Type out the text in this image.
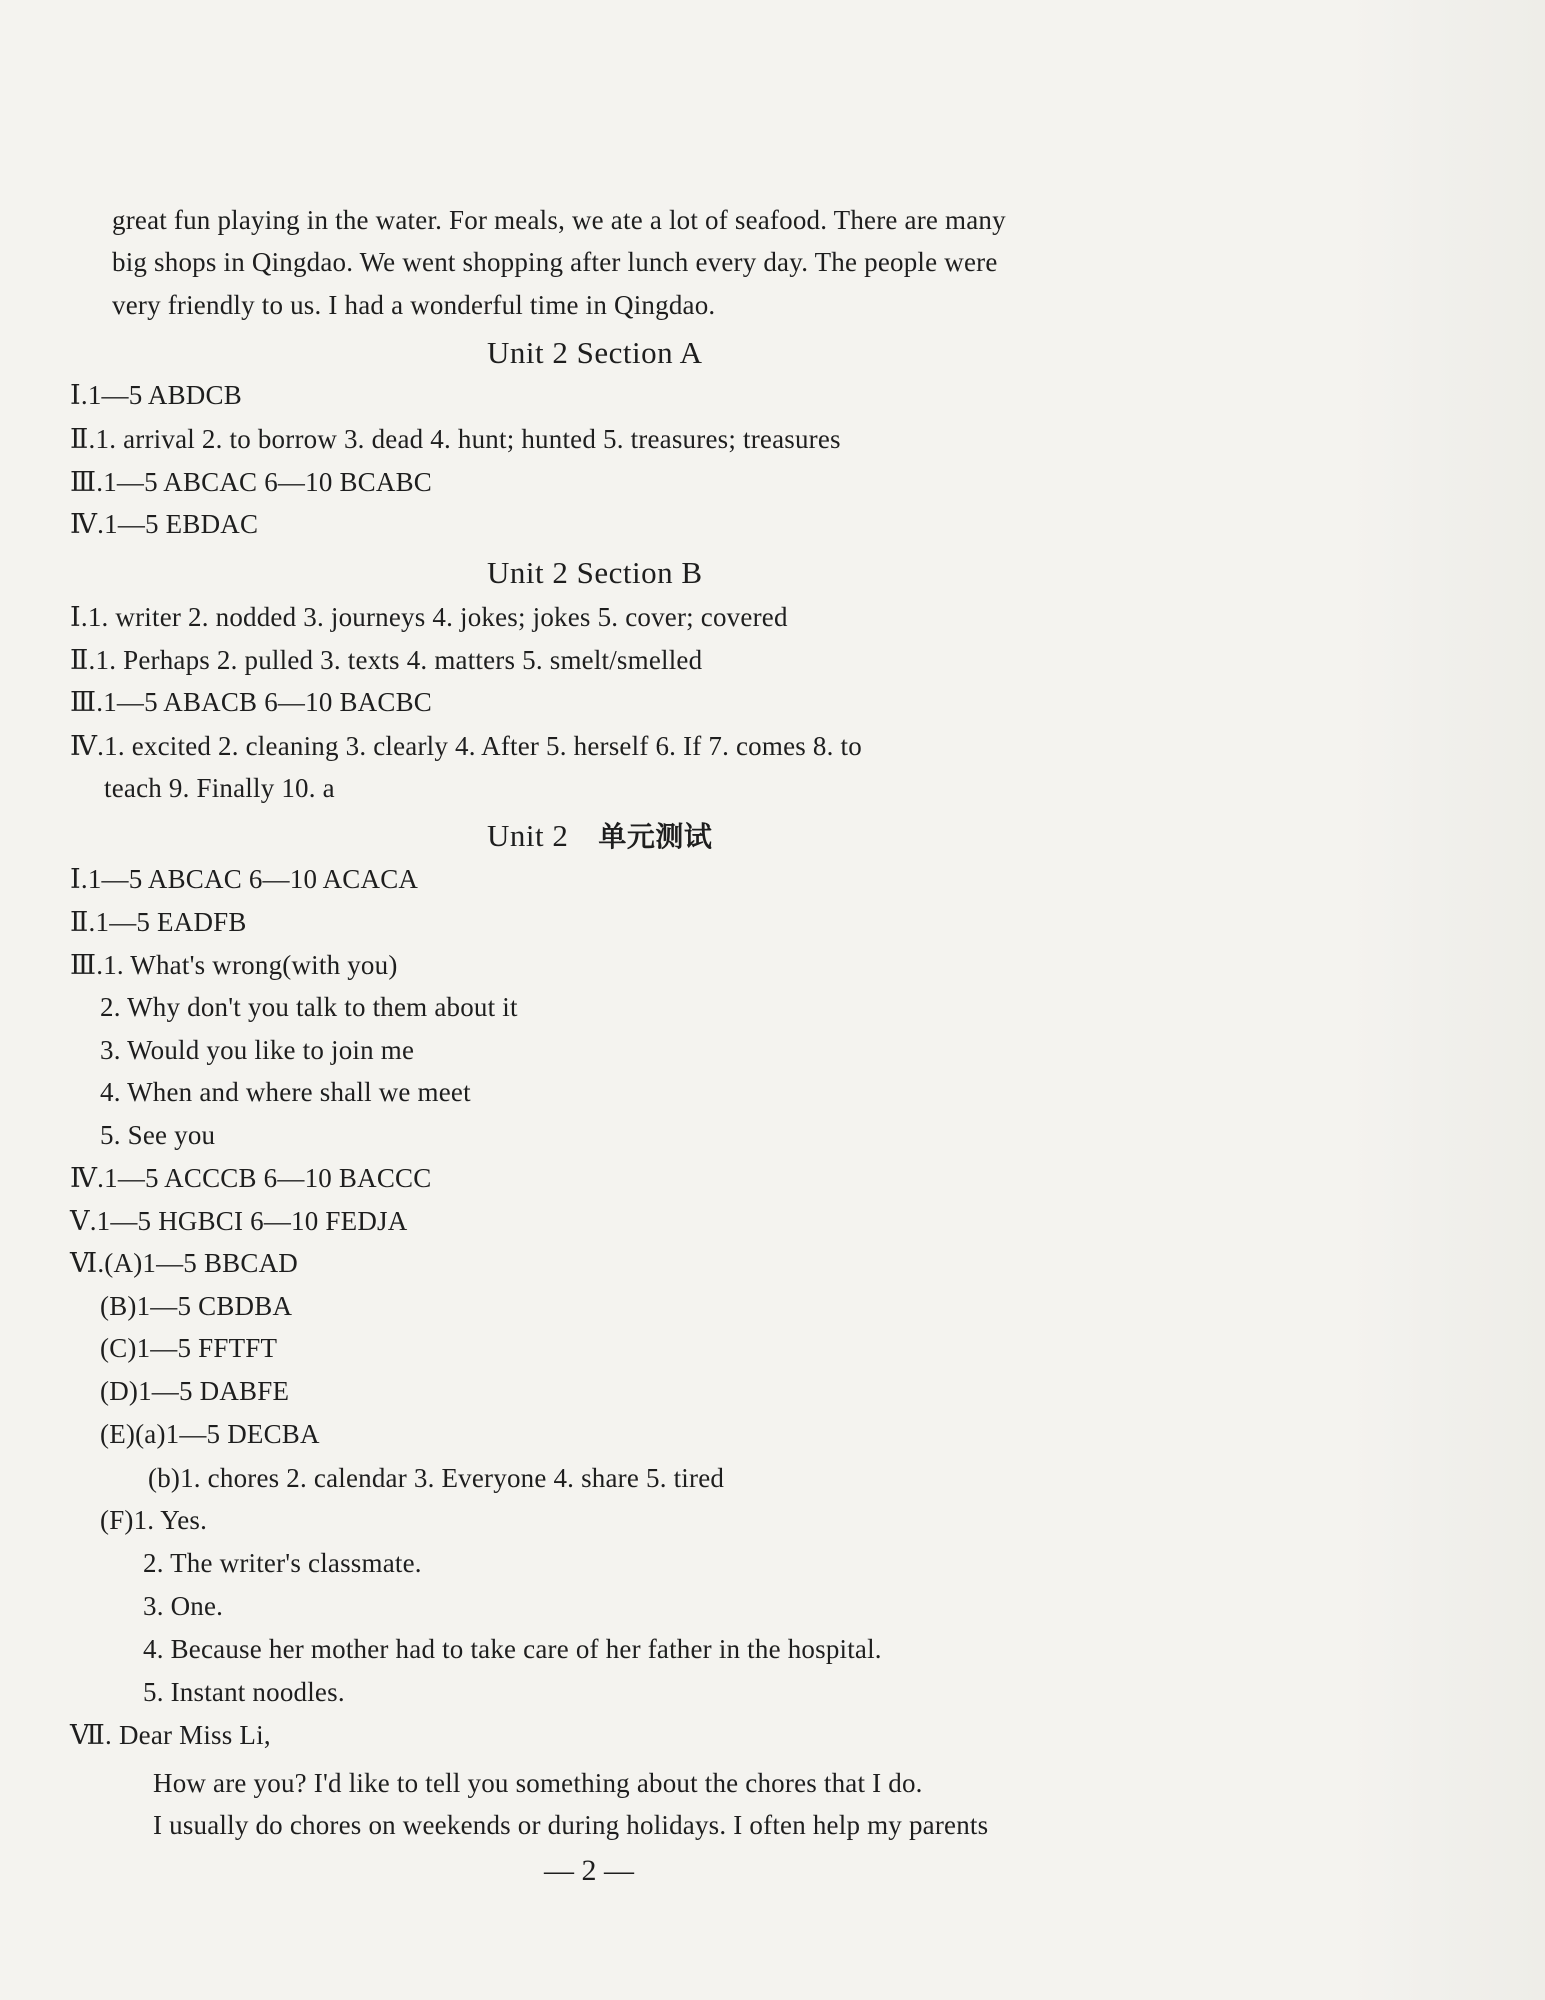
great fun playing in the water. For meals, we ate a lot of seafood. There are many
big shops in Qingdao. We went shopping after lunch every day. The people were
very friendly to us. I had a wonderful time in Qingdao.
Unit 2 Section A
Ⅰ.1—5 ABDCB
Ⅱ.1. arrival 2. to borrow 3. dead 4. hunt; hunted 5. treasures; treasures
Ⅲ.1—5 ABCAC 6—10 BCABC
Ⅳ.1—5 EBDAC
Unit 2 Section B
Ⅰ.1. writer 2. nodded 3. journeys 4. jokes; jokes 5. cover; covered
Ⅱ.1. Perhaps 2. pulled 3. texts 4. matters 5. smelt/smelled
Ⅲ.1—5 ABACB 6—10 BACBC
Ⅳ.1. excited 2. cleaning 3. clearly 4. After 5. herself 6. If 7. comes 8. to
teach 9. Finally 10. a
Unit 2 单元测试
Ⅰ.1—5 ABCAC 6—10 ACACA
Ⅱ.1—5 EADFB
Ⅲ.1. What's wrong(with you)
2. Why don't you talk to them about it
3. Would you like to join me
4. When and where shall we meet
5. See you
Ⅳ.1—5 ACCCB 6—10 BACCC
Ⅴ.1—5 HGBCI 6—10 FEDJA
Ⅵ.(A)1—5 BBCAD
(B)1—5 CBDBA
(C)1—5 FFTFT
(D)1—5 DABFE
(E)(a)1—5 DECBA
(b)1. chores 2. calendar 3. Everyone 4. share 5. tired
(F)1. Yes.
2. The writer's classmate.
3. One.
4. Because her mother had to take care of her father in the hospital.
5. Instant noodles.
Ⅶ. Dear Miss Li,
How are you? I'd like to tell you something about the chores that I do.
I usually do chores on weekends or during holidays. I often help my parents
— 2 —
